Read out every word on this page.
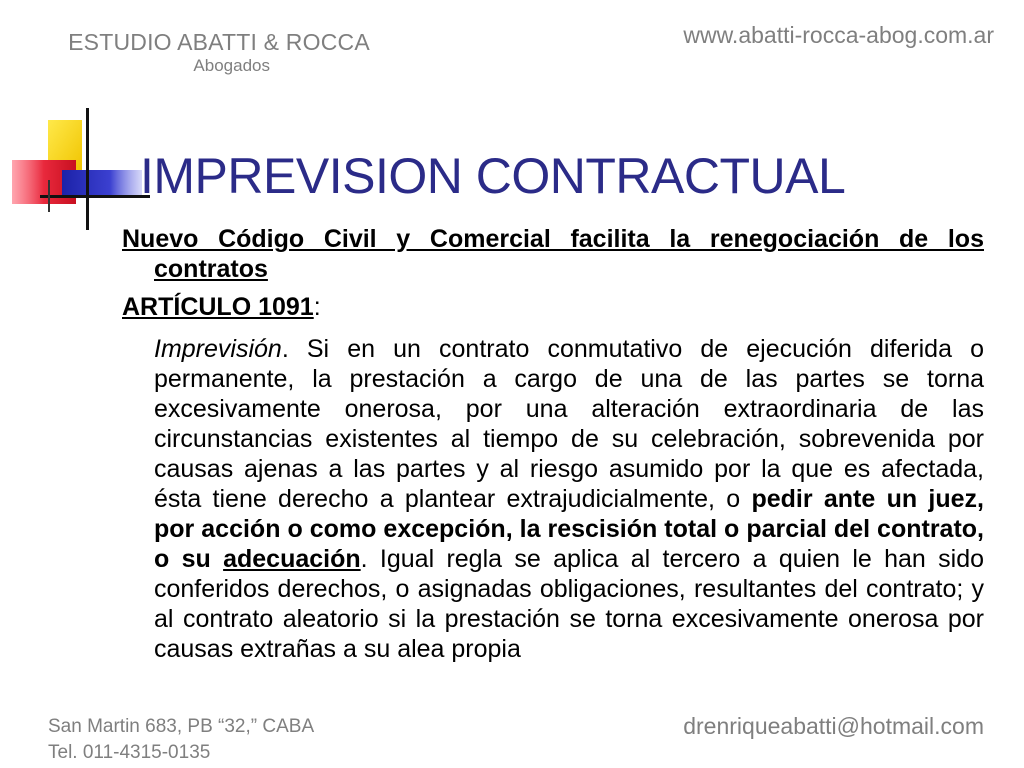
ESTUDIO ABATTI & ROCCA
Abogados
www.abatti-rocca-abog.com.ar
IMPREVISION CONTRACTUAL
Nuevo Código Civil y Comercial facilita la renegociación de los contratos
ARTÍCULO 1091:
Imprevisión. Si en un contrato conmutativo de ejecución diferida o permanente, la prestación a cargo de una de las partes se torna excesivamente onerosa, por una alteración extraordinaria de las circunstancias existentes al tiempo de su celebración, sobrevenida por causas ajenas a las partes y al riesgo asumido por la que es afectada, ésta tiene derecho a plantear extrajudicialmente, o pedir ante un juez, por acción o como excepción, la rescisión total o parcial del contrato, o su adecuación. Igual regla se aplica al tercero a quien le han sido conferidos derechos, o asignadas obligaciones, resultantes del contrato; y al contrato aleatorio si la prestación se torna excesivamente onerosa por causas extrañas a su alea propia
San Martin 683, PB “32,” CABA
Tel. 011-4315-0135
drenriqueabatti@hotmail.com
